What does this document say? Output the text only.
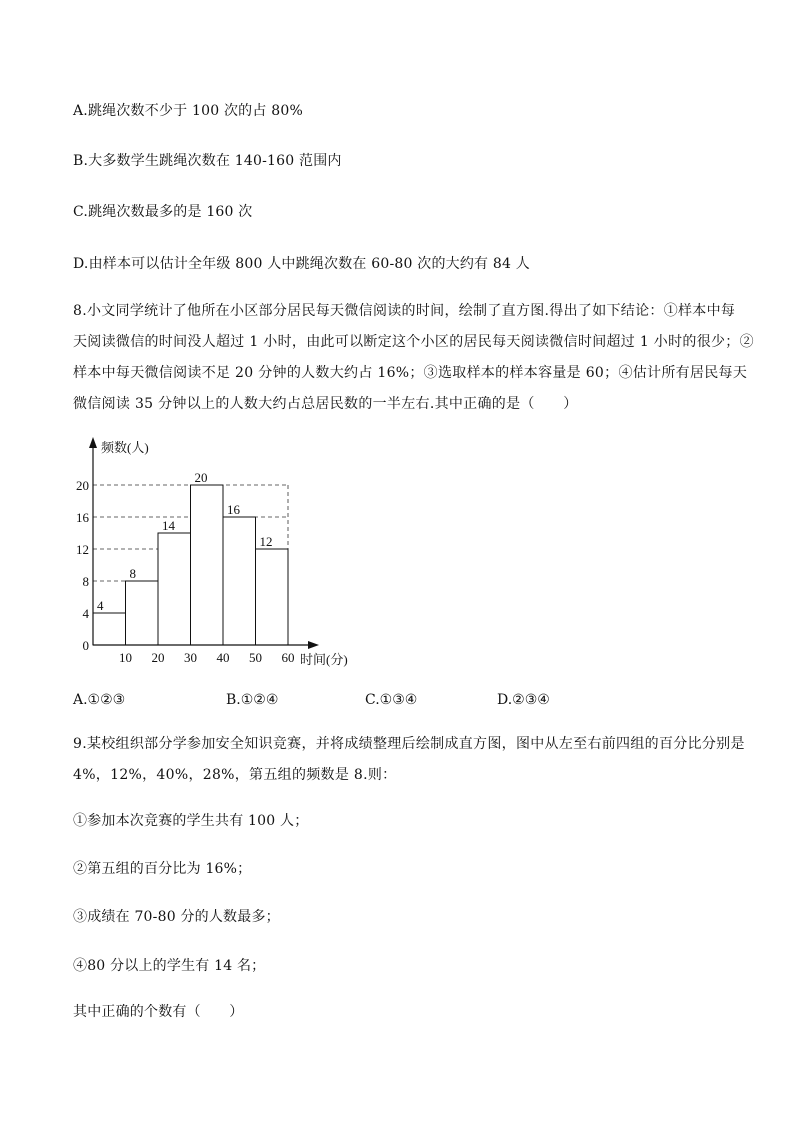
A.跳绳次数不少于 100 次的占 80%
B.大多数学生跳绳次数在 140-160 范围内
C.跳绳次数最多的是 160 次
D.由样本可以估计全年级 800 人中跳绳次数在 60-80 次的大约有 84 人
8.小文同学统计了他所在小区部分居民每天微信阅读的时间，绘制了直方图.得出了如下结论：①样本中每
天阅读微信的时间没人超过 1 小时，由此可以断定这个小区的居民每天阅读微信时间超过 1 小时的很少；②
样本中每天微信阅读不足 20 分钟的人数大约占 16%；③选取样本的样本容量是 60；④估计所有居民每天
微信阅读 35 分钟以上的人数大约占总居民数的一半左右.其中正确的是（　　）
4
8
14
20
16
12
4
8
12
16
20
0
10 20 30 40 50 60
频数(人)
时间(分)
A.①②③	B.①②④	C.①③④	D.②③④
9.某校组织部分学参加安全知识竞赛，并将成绩整理后绘制成直方图，图中从左至右前四组的百分比分别是
4%，12%，40%，28%，第五组的频数是 8.则：
①参加本次竞赛的学生共有 100 人；
②第五组的百分比为 16%；
③成绩在 70-80 分的人数最多；
④80 分以上的学生有 14 名；
其中正确的个数有（　　）
